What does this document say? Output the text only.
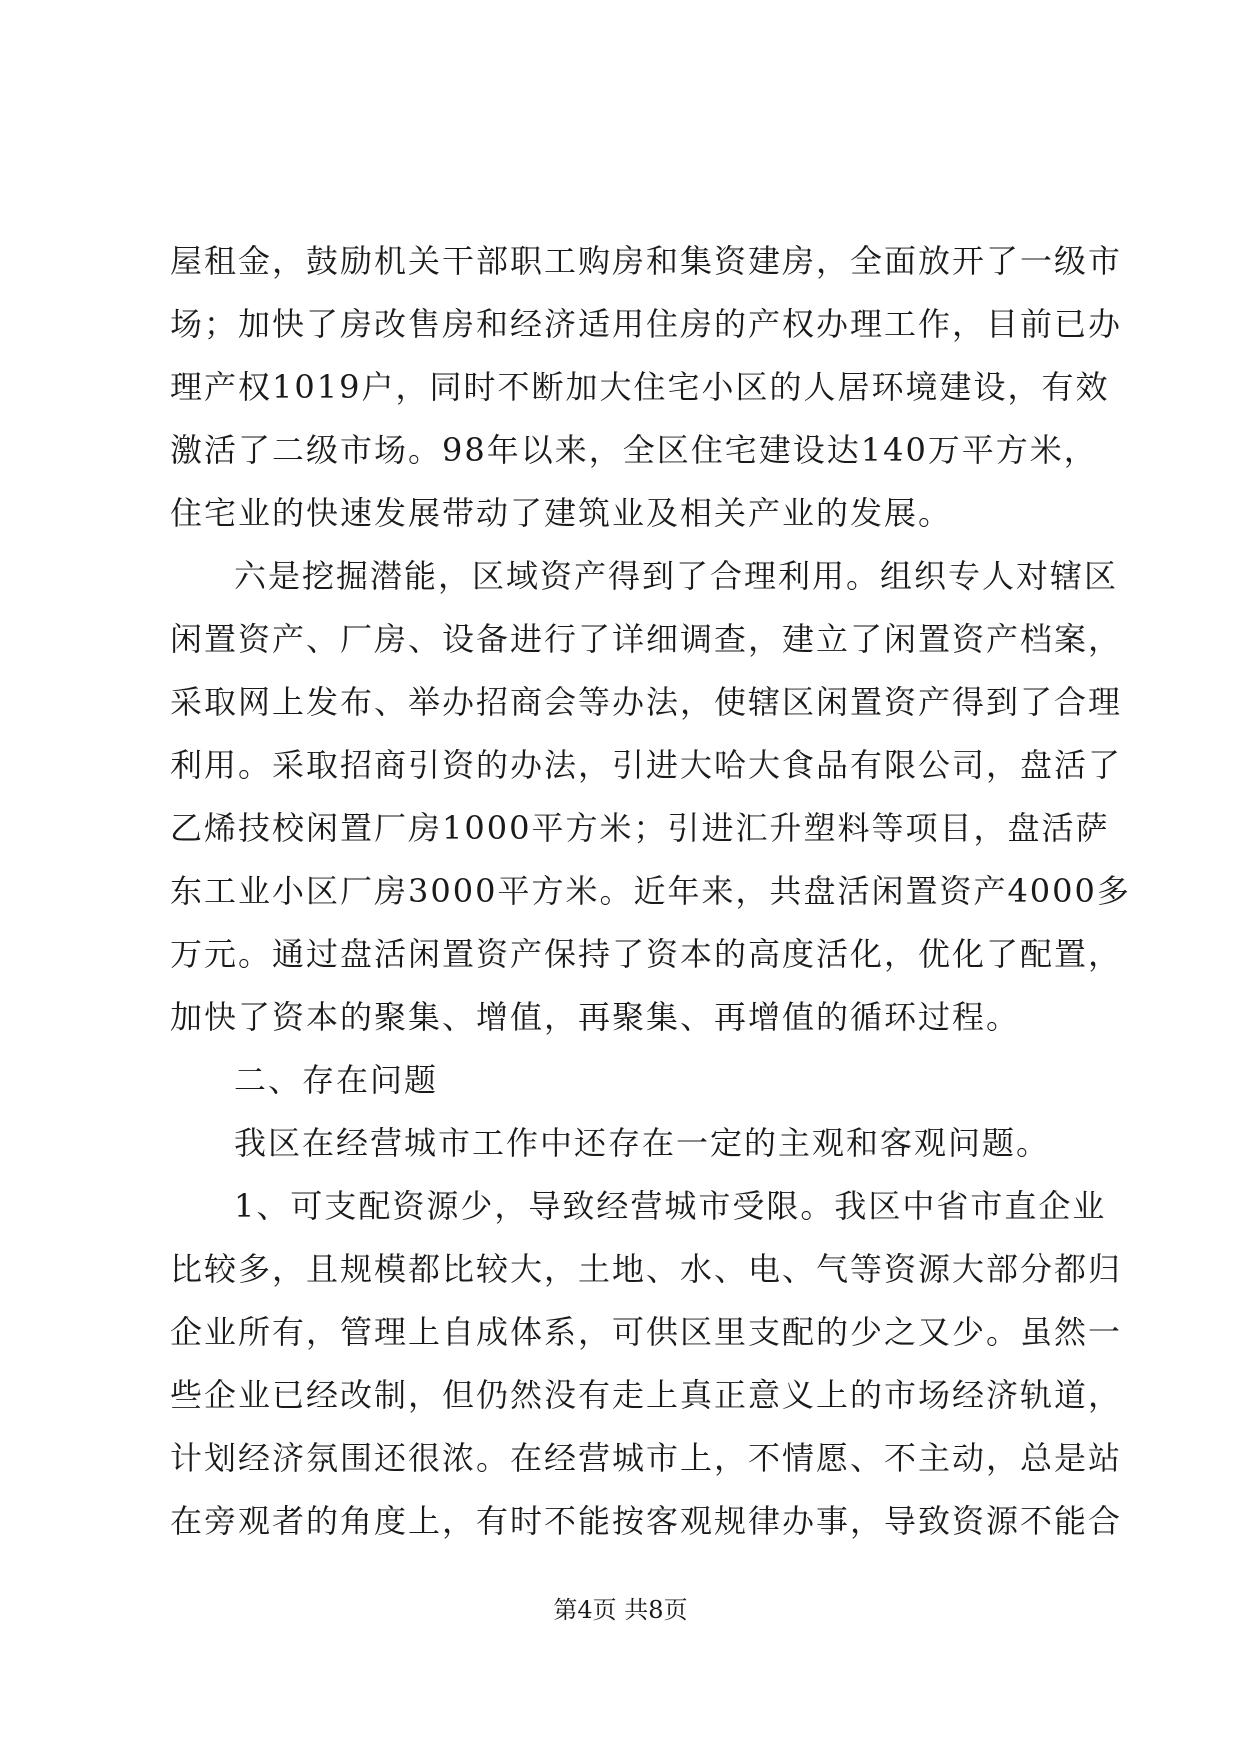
屋租金，鼓励机关干部职工购房和集资建房，全面放开了一级市
场；加快了房改售房和经济适用住房的产权办理工作，目前已办
理产权1019户，同时不断加大住宅小区的人居环境建设，有效
激活了二级市场。98年以来，全区住宅建设达140万平方米，
住宅业的快速发展带动了建筑业及相关产业的发展。
六是挖掘潜能，区域资产得到了合理利用。组织专人对辖区
闲置资产、厂房、设备进行了详细调查，建立了闲置资产档案，
采取网上发布、举办招商会等办法，使辖区闲置资产得到了合理
利用。采取招商引资的办法，引进大哈大食品有限公司，盘活了
乙烯技校闲置厂房1000平方米；引进汇升塑料等项目，盘活萨
东工业小区厂房3000平方米。近年来，共盘活闲置资产4000多
万元。通过盘活闲置资产保持了资本的高度活化，优化了配置，
加快了资本的聚集、增值，再聚集、再增值的循环过程。
二、存在问题
我区在经营城市工作中还存在一定的主观和客观问题。
1、可支配资源少，导致经营城市受限。我区中省市直企业
比较多，且规模都比较大，土地、水、电、气等资源大部分都归
企业所有，管理上自成体系，可供区里支配的少之又少。虽然一
些企业已经改制，但仍然没有走上真正意义上的市场经济轨道，
计划经济氛围还很浓。在经营城市上，不情愿、不主动，总是站
在旁观者的角度上，有时不能按客观规律办事，导致资源不能合
第4页 共8页
